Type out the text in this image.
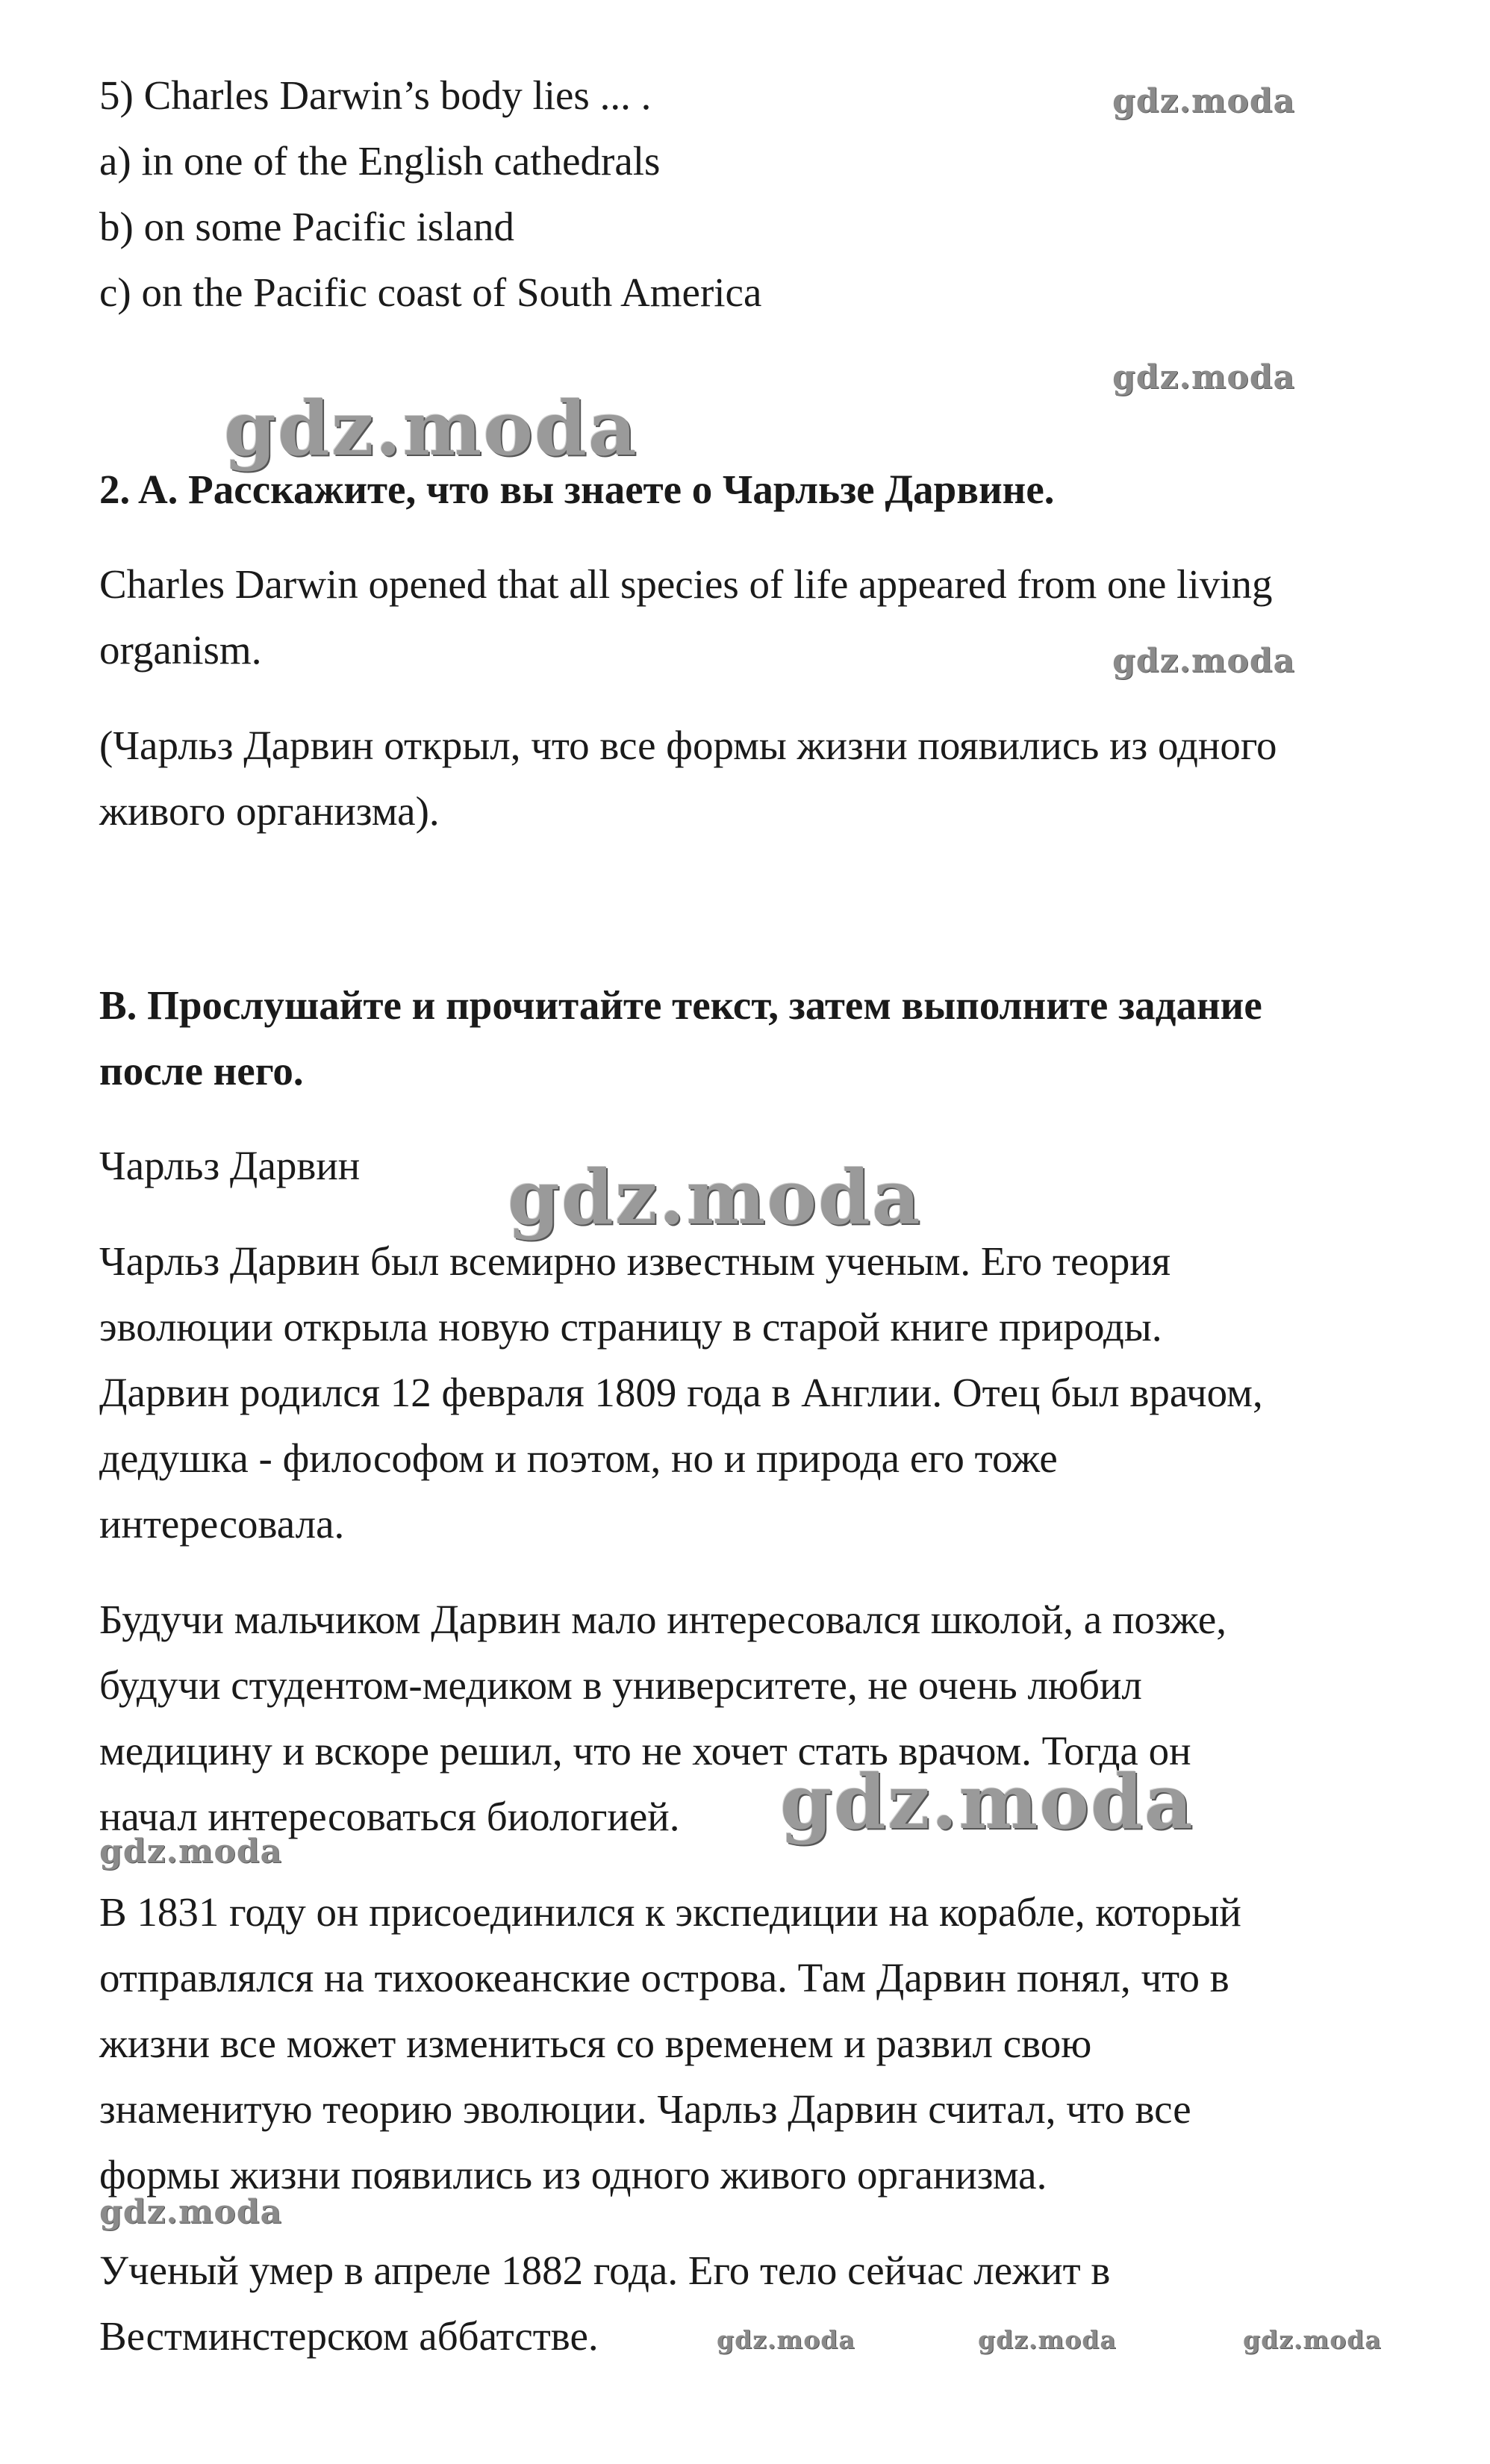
5) Charles Darwin’s body lies ... .
a) in one of the English cathedrals
b) on some Pacific island
c) on the Pacific coast of South America
2. A. Расскажите, что вы знаете о Чарльзе Дарвине.
Charles Darwin opened that all species of life appeared from one living
organism.
(Чарльз Дарвин открыл, что все формы жизни появились из одного
живого организма).
B. Прослушайте и прочитайте текст, затем выполните задание
после него.
Чарльз Дарвин
Чарльз Дарвин был всемирно известным ученым. Его теория
эволюции открыла новую страницу в старой книге природы.
Дарвин родился 12 февраля 1809 года в Англии. Отец был врачом,
дедушка - философом и поэтом, но и природа его тоже
интересовала.
Будучи мальчиком Дарвин мало интересовался школой, а позже,
будучи студентом-медиком в университете, не очень любил
медицину и вскоре решил, что не хочет стать врачом. Тогда он
начал интересоваться биологией.
В 1831 году он присоединился к экспедиции на корабле, который
отправлялся на тихоокеанские острова. Там Дарвин понял, что в
жизни все может измениться со временем и развил свою
знаменитую теорию эволюции. Чарльз Дарвин считал, что все
формы жизни появились из одного живого организма.
Ученый умер в апреле 1882 года. Его тело сейчас лежит в
Вестминстерском аббатстве.
gdz.moda
gdz.moda
gdz.moda
gdz.moda
gdz.moda
gdz.moda
gdz.moda
gdz.moda
gdz.moda	gdz.moda	gdz.moda
